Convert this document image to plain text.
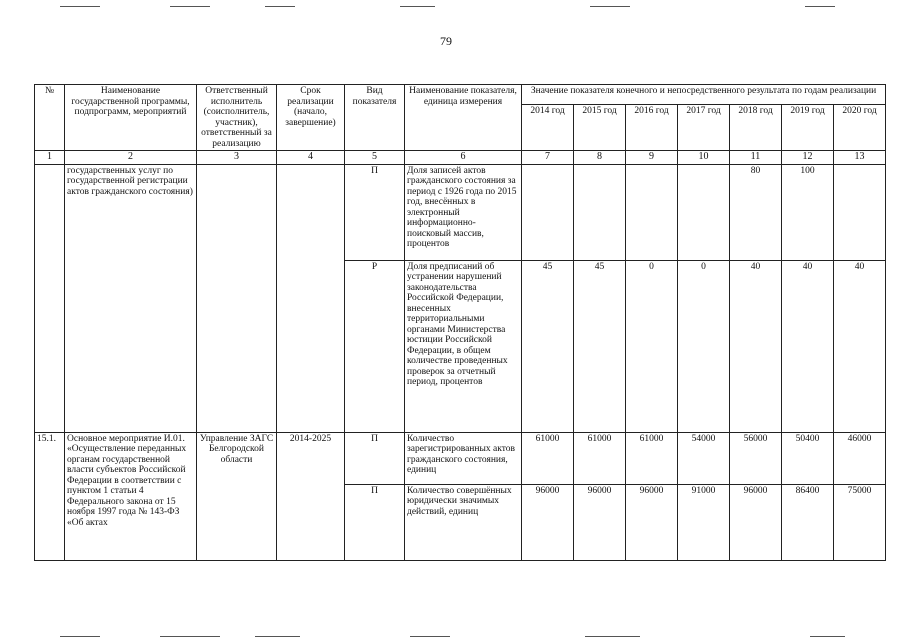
79
№	Наименование государственной программы, подпрограмм, мероприятий	Ответственный исполнитель (соисполнитель, участник), ответственный за реализацию	Срок реализации (начало, завершение)	Вид показателя	Наименование показателя, единица измерения	Значение показателя конечного и непосредственного результата по годам реализации						
						2014 год	2015 год	2016 год	2017 год	2018 год	2019 год	2020 год
1	2	3	4	5	6	7	8	9	10	11	12	13
	государственных услуг по государственной регистрации актов гражданского состояния)			П	Доля записей актов гражданского состояния за период с 1926 года по 2015 год, внесённых в электронный информационно-поисковый массив, процентов					80	100	
				Р	Доля предписаний об устранении нарушений законодательства Российской Федерации, внесенных территориальными органами Министерства юстиции Российской Федерации, в общем количестве проведенных проверок за отчетный период, процентов	45	45	0	0	40	40	40
15.1.	Основное мероприятие И.01. «Осуществление переданных органам государственной власти субъектов Российской Федерации в соответствии с пунктом 1 статьи 4 Федерального закона от 15 ноября 1997 года № 143-ФЗ «Об актах	Управление ЗАГС Белгородской области	2014-2025	П	Количество зарегистрированных актов гражданского состояния, единиц	61000	61000	61000	54000	56000	50400	46000
				П	Количество совершённых юридически значимых действий, единиц	96000	96000	96000	91000	96000	86400	75000
